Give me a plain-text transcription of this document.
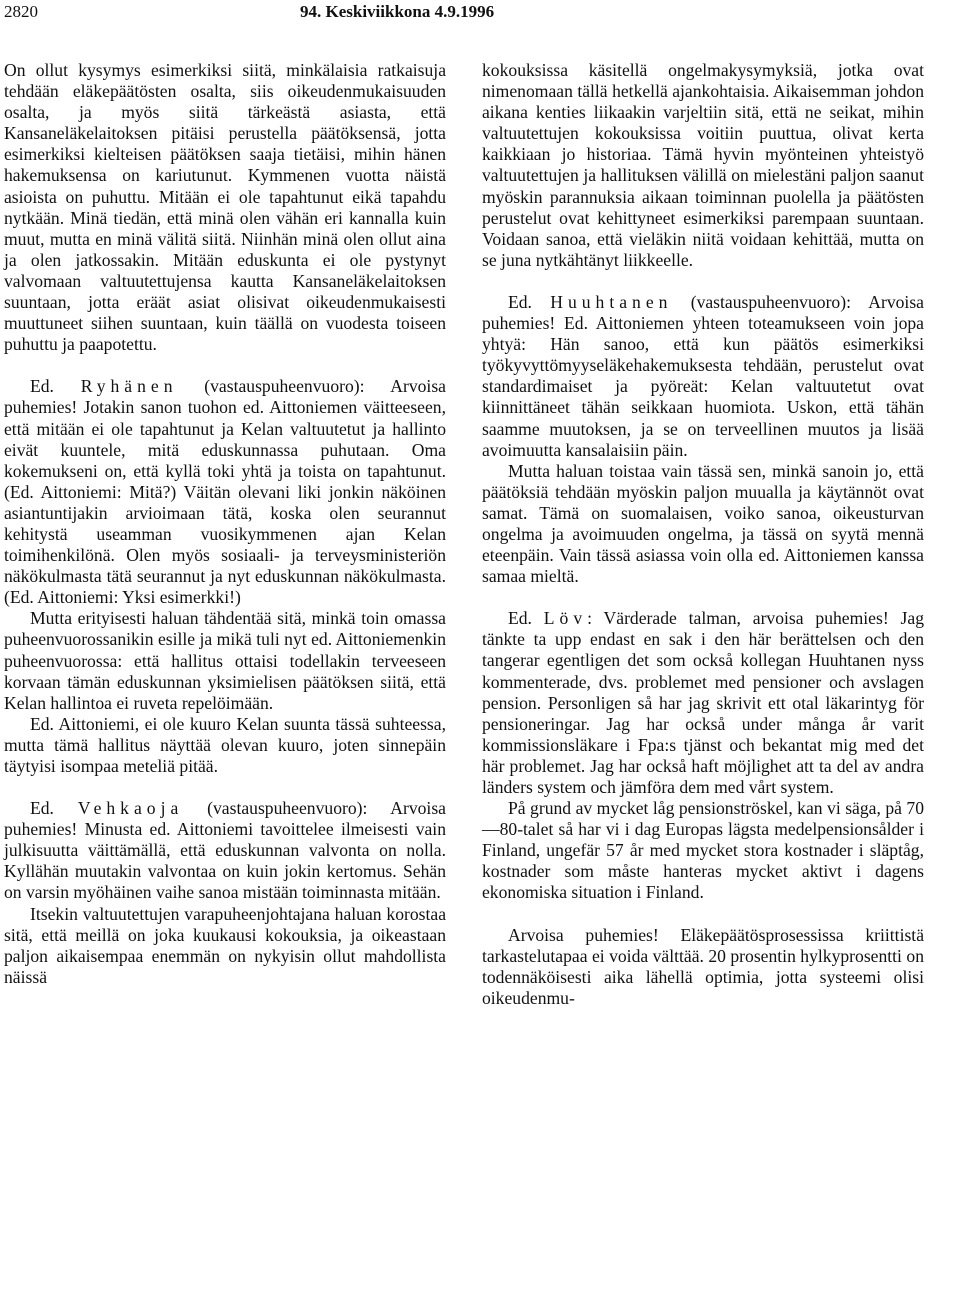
2820	94. Keskiviikkona 4.9.1996

On ollut kysymys esimerkiksi siitä, minkälaisia ratkaisuja tehdään eläkepäätösten osalta, siis oikeudenmukaisuuden osalta, ja myös siitä tärkeästä asiasta, että Kansaneläkelaitoksen pitäisi perustella päätöksensä, jotta esimerkiksi kielteisen päätöksen saaja tietäisi, mihin hänen hakemuksensa on kariutunut. Kymmenen vuotta näistä asioista on puhuttu. Mitään ei ole tapahtunut eikä tapahdu nytkään. Minä tiedän, että minä olen vähän eri kannalla kuin muut, mutta en minä välitä siitä. Niinhän minä olen ollut aina ja olen jatkossakin. Mitään eduskunta ei ole pystynyt valvomaan valtuutettujensa kautta Kansaneläkelaitoksen suuntaan, jotta eräät asiat olisivat oikeudenmukaisesti muuttuneet siihen suuntaan, kuin täällä on vuodesta toiseen puhuttu ja paapotettu.

Ed. Ryhänen (vastauspuheenvuoro): Arvoisa puhemies! Jotakin sanon tuohon ed. Aittoniemen väitteeseen, että mitään ei ole tapahtunut ja Kelan valtuutetut ja hallinto eivät kuuntele, mitä eduskunnassa puhutaan. Oma kokemukseni on, että kyllä toki yhtä ja toista on tapahtunut. (Ed. Aittoniemi: Mitä?) Väitän olevani liki jonkin näköinen asiantuntijakin arvioimaan tätä, koska olen seurannut kehitystä useamman vuosikymmenen ajan Kelan toimihenkilönä. Olen myös sosiaali- ja terveysministeriön näkökulmasta tätä seurannut ja nyt eduskunnan näkökulmasta. (Ed. Aittoniemi: Yksi esimerkki!)

Mutta erityisesti haluan tähdentää sitä, minkä toin omassa puheenvuorossanikin esille ja mikä tuli nyt ed. Aittoniemenkin puheenvuorossa: että hallitus ottaisi todellakin terveeseen korvaan tämän eduskunnan yksimielisen päätöksen siitä, että Kelan hallintoa ei ruveta repelöimään.

Ed. Aittoniemi, ei ole kuuro Kelan suunta tässä suhteessa, mutta tämä hallitus näyttää olevan kuuro, joten sinnepäin täytyisi isompaa meteliä pitää.

Ed. Vehkaoja (vastauspuheenvuoro): Arvoisa puhemies! Minusta ed. Aittoniemi tavoittelee ilmeisesti vain julkisuutta väittämällä, että eduskunnan valvonta on nolla. Kyllähän muutakin valvontaa on kuin jokin kertomus. Sehän on varsin myöhäinen vaihe sanoa mistään toiminnasta mitään.

Itsekin valtuutettujen varapuheenjohtajana haluan korostaa sitä, että meillä on joka kuukausi kokouksia, ja oikeastaan paljon aikaisempaa enemmän on nykyisin ollut mahdollista näissä

kokouksissa käsitellä ongelmakysymyksiä, jotka ovat nimenomaan tällä hetkellä ajankohtaisia. Aikaisemman johdon aikana kenties liikaakin varjeltiin sitä, että ne seikat, mihin valtuutettujen kokouksissa voitiin puuttua, olivat kerta kaikkiaan jo historiaa. Tämä hyvin myönteinen yhteistyö valtuutettujen ja hallituksen välillä on mielestäni paljon saanut myöskin parannuksia aikaan toiminnan puolella ja päätösten perustelut ovat kehittyneet esimerkiksi parempaan suuntaan. Voidaan sanoa, että vieläkin niitä voidaan kehittää, mutta on se juna nytkähtänyt liikkeelle.

Ed. Huuhtanen (vastauspuheenvuoro): Arvoisa puhemies! Ed. Aittoniemen yhteen toteamukseen voin jopa yhtyä: Hän sanoo, että kun päätös esimerkiksi työkyvyttömyyseläkehakemuksesta tehdään, perustelut ovat standardimaiset ja pyöreät: Kelan valtuutetut ovat kiinnittäneet tähän seikkaan huomiota. Uskon, että tähän saamme muutoksen, ja se on terveellinen muutos ja lisää avoimuutta kansalaisiin päin.

Mutta haluan toistaa vain tässä sen, minkä sanoin jo, että päätöksiä tehdään myöskin paljon muualla ja käytännöt ovat samat. Tämä on suomalaisen, voiko sanoa, oikeusturvan ongelma ja avoimuuden ongelma, ja tässä on syytä mennä eteenpäin. Vain tässä asiassa voin olla ed. Aittoniemen kanssa samaa mieltä.

Ed. Löv: Värderade talman, arvoisa puhemies! Jag tänkte ta upp endast en sak i den här berättelsen och den tangerar egentligen det som också kollegan Huuhtanen nyss kommenterade, dvs. problemet med pensioner och avslagen pension. Personligen så har jag skrivit ett otal läkarintyg för pensioneringar. Jag har också under många år varit kommissionsläkare i Fpa:s tjänst och bekantat mig med det här problemet. Jag har också haft möjlighet att ta del av andra länders system och jämföra dem med vårt system.

På grund av mycket låg pensionströskel, kan vi säga, på 70—80-talet så har vi i dag Europas lägsta medelpensionsålder i Finland, ungefär 57 år med mycket stora kostnader i släptåg, kostnader som måste hanteras mycket aktivt i dagens ekonomiska situation i Finland.

Arvoisa puhemies! Eläkepäätösprosessissa kriittistä tarkastelutapaa ei voida välttää. 20 prosentin hylkyprosentti on todennäköisesti aika lähellä optimia, jotta systeemi olisi oikeudenmu-
